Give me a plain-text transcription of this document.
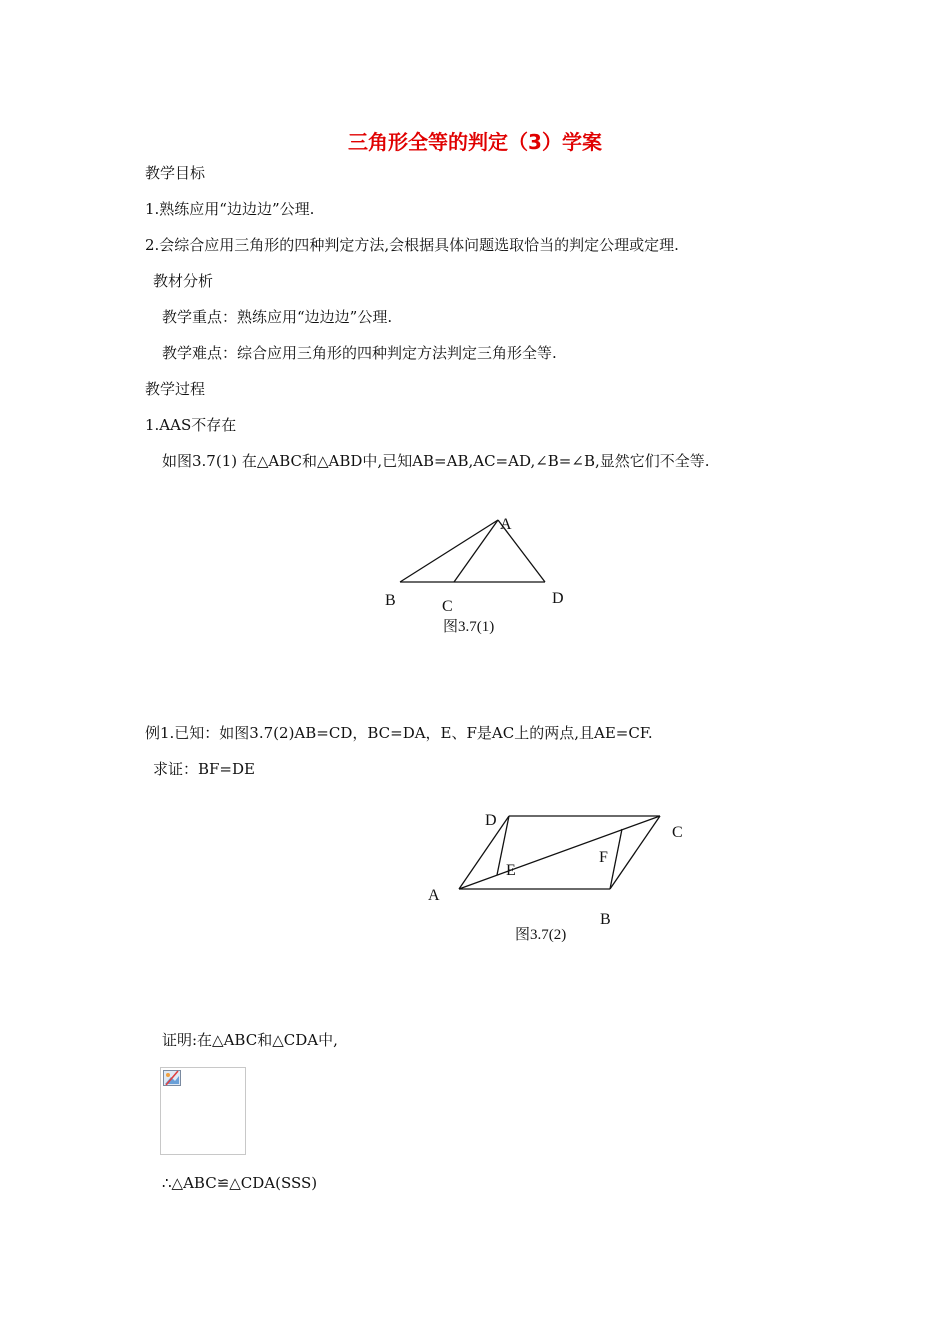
三角形全等的判定（3）学案
教学目标
1.熟练应用“边边边”公理.
2.会综合应用三角形的四种判定方法,会根据具体问题选取恰当的判定公理或定理.
教材分析
教学重点：熟练应用“边边边”公理.
教学难点：综合应用三角形的四种判定方法判定三角形全等.
教学过程
1.AAS不存在
如图3.7(1) 在△ABC和△ABD中,已知AB=AB,AC=AD,∠B=∠B,显然它们不全等.
例1.已知：如图3.7(2)AB=CD，BC=DA，E、F是AC上的两点,且AE=CF.
求证：BF=DE
证明:在△ABC和△CDA中,
∴△ABC≌△CDA(SSS)
A
B	C	D
图3.7(1)
D
C
F
E
A
B
图3.7(2)
